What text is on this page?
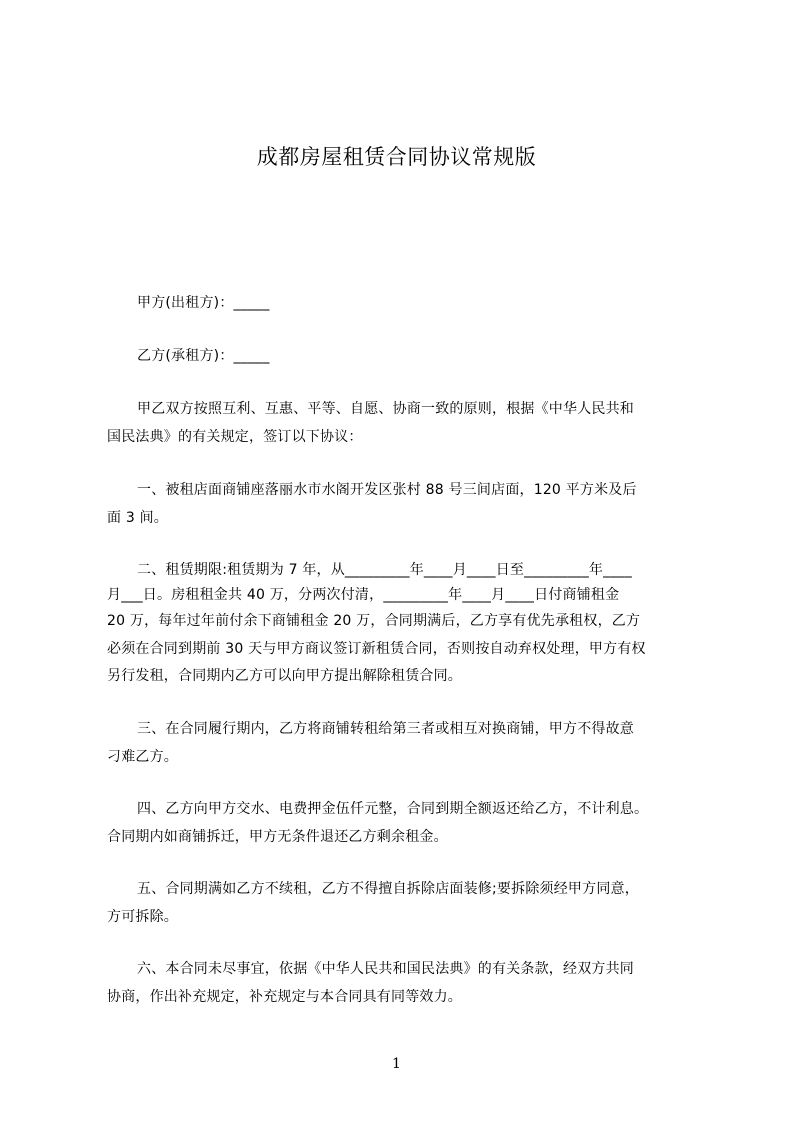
成都房屋租赁合同协议常规版
甲方(出租方)：_____
乙方(承租方)：_____
甲乙双方按照互利、互惠、平等、自愿、协商一致的原则，根据《中华人民共和
国民法典》的有关规定，签订以下协议：
一、被租店面商铺座落丽水市水阁开发区张村 88 号三间店面，120 平方米及后
面 3 间。
二、租赁期限:租赁期为 7 年，从_________年____月____日至_________年____
月___日。房租租金共 40 万，分两次付清，_________年____月____日付商铺租金
20 万，每年过年前付余下商铺租金 20 万，合同期满后，乙方享有优先承租权，乙方
必须在合同到期前 30 天与甲方商议签订新租赁合同，否则按自动弃权处理，甲方有权
另行发租，合同期内乙方可以向甲方提出解除租赁合同。
三、在合同履行期内，乙方将商铺转租给第三者或相互对换商铺，甲方不得故意
刁难乙方。
四、乙方向甲方交水、电费押金伍仟元整，合同到期全额返还给乙方，不计利息。
合同期内如商铺拆迁，甲方无条件退还乙方剩余租金。
五、合同期满如乙方不续租，乙方不得擅自拆除店面装修;要拆除须经甲方同意，
方可拆除。
六、本合同未尽事宜，依据《中华人民共和国民法典》的有关条款，经双方共同
协商，作出补充规定，补充规定与本合同具有同等效力。
1
